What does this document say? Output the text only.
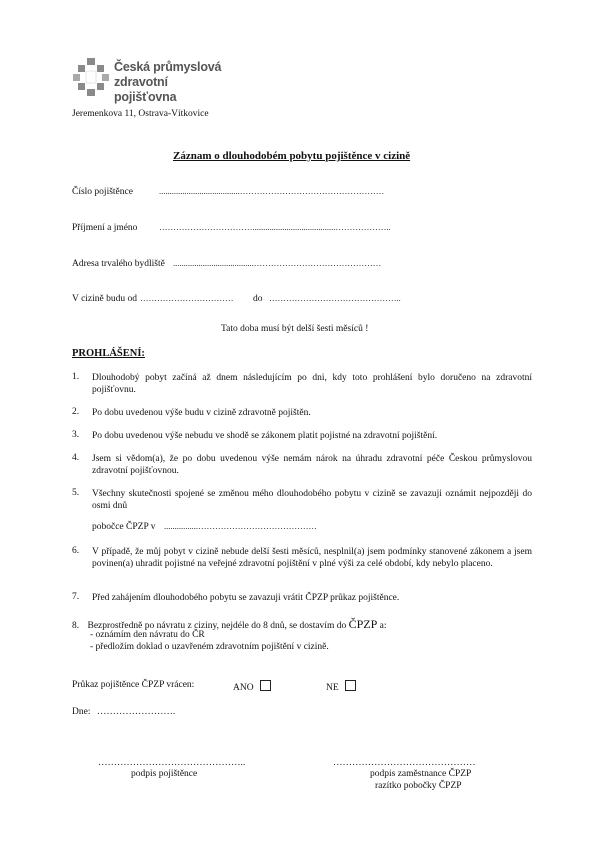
Česká průmyslová
zdravotní pojišťovna
Jeremenkova 11, Ostrava-Vítkovice
Záznam o dlouhodobém pobytu pojištěnce v cizině
Číslo pojištěnce	......................................……………………………………………
Příjmení a jméno	…………………………….......................................………………..
Adresa trvalého bydliště ......................................………………………………………
V cizině budu od …………………………… do ………………………………………..
Tato doba musí být delší šesti měsíců !
PROHLÁŠENÍ:
1. Dlouhodobý pobyt začíná až dnem následujícím po dni, kdy toto prohlášení bylo doručeno na zdravotní pojišťovnu.
2. Po dobu uvedenou výše budu v cizině zdravotně pojištěn.
3. Po dobu uvedenou výše nebudu ve shodě se zákonem platit pojistné na zdravotní pojištění.
4. Jsem si vědom(a), že po dobu uvedenou výše nemám nárok na úhradu zdravotní péče Českou průmyslovou zdravotní pojišťovnou.
5. Všechny skutečnosti spojené se změnou mého dlouhodobého pobytu v cizině se zavazuji oznámit nejpozději do osmi dnů
pobočce ČPZP v ................……………………………………
6. V případě, že můj pobyt v cizině nebude delší šesti měsíců, nesplnil(a) jsem podmínky stanovené zákonem a jsem povinen(a) uhradit pojistné na veřejné zdravotní pojištění v plné výši za celé období, kdy nebylo placeno.
7. Před zahájením dlouhodobého pobytu se zavazuji vrátit ČPZP průkaz pojištěnce.
8. Bezprostředně po návratu z ciziny, nejdéle do 8 dnů, se dostavím do ČPZP a:
- oznámím den návratu do ČR
- předložím doklad o uzavřeném zdravotním pojištění v cizině.
Průkaz pojištěnce ČPZP vrácen:	ANO	NE
Dne: …………………….
………………………………………..
podpis pojištěnce
………………………………………
podpis zaměstnance ČPZP
razítko pobočky ČPZP
